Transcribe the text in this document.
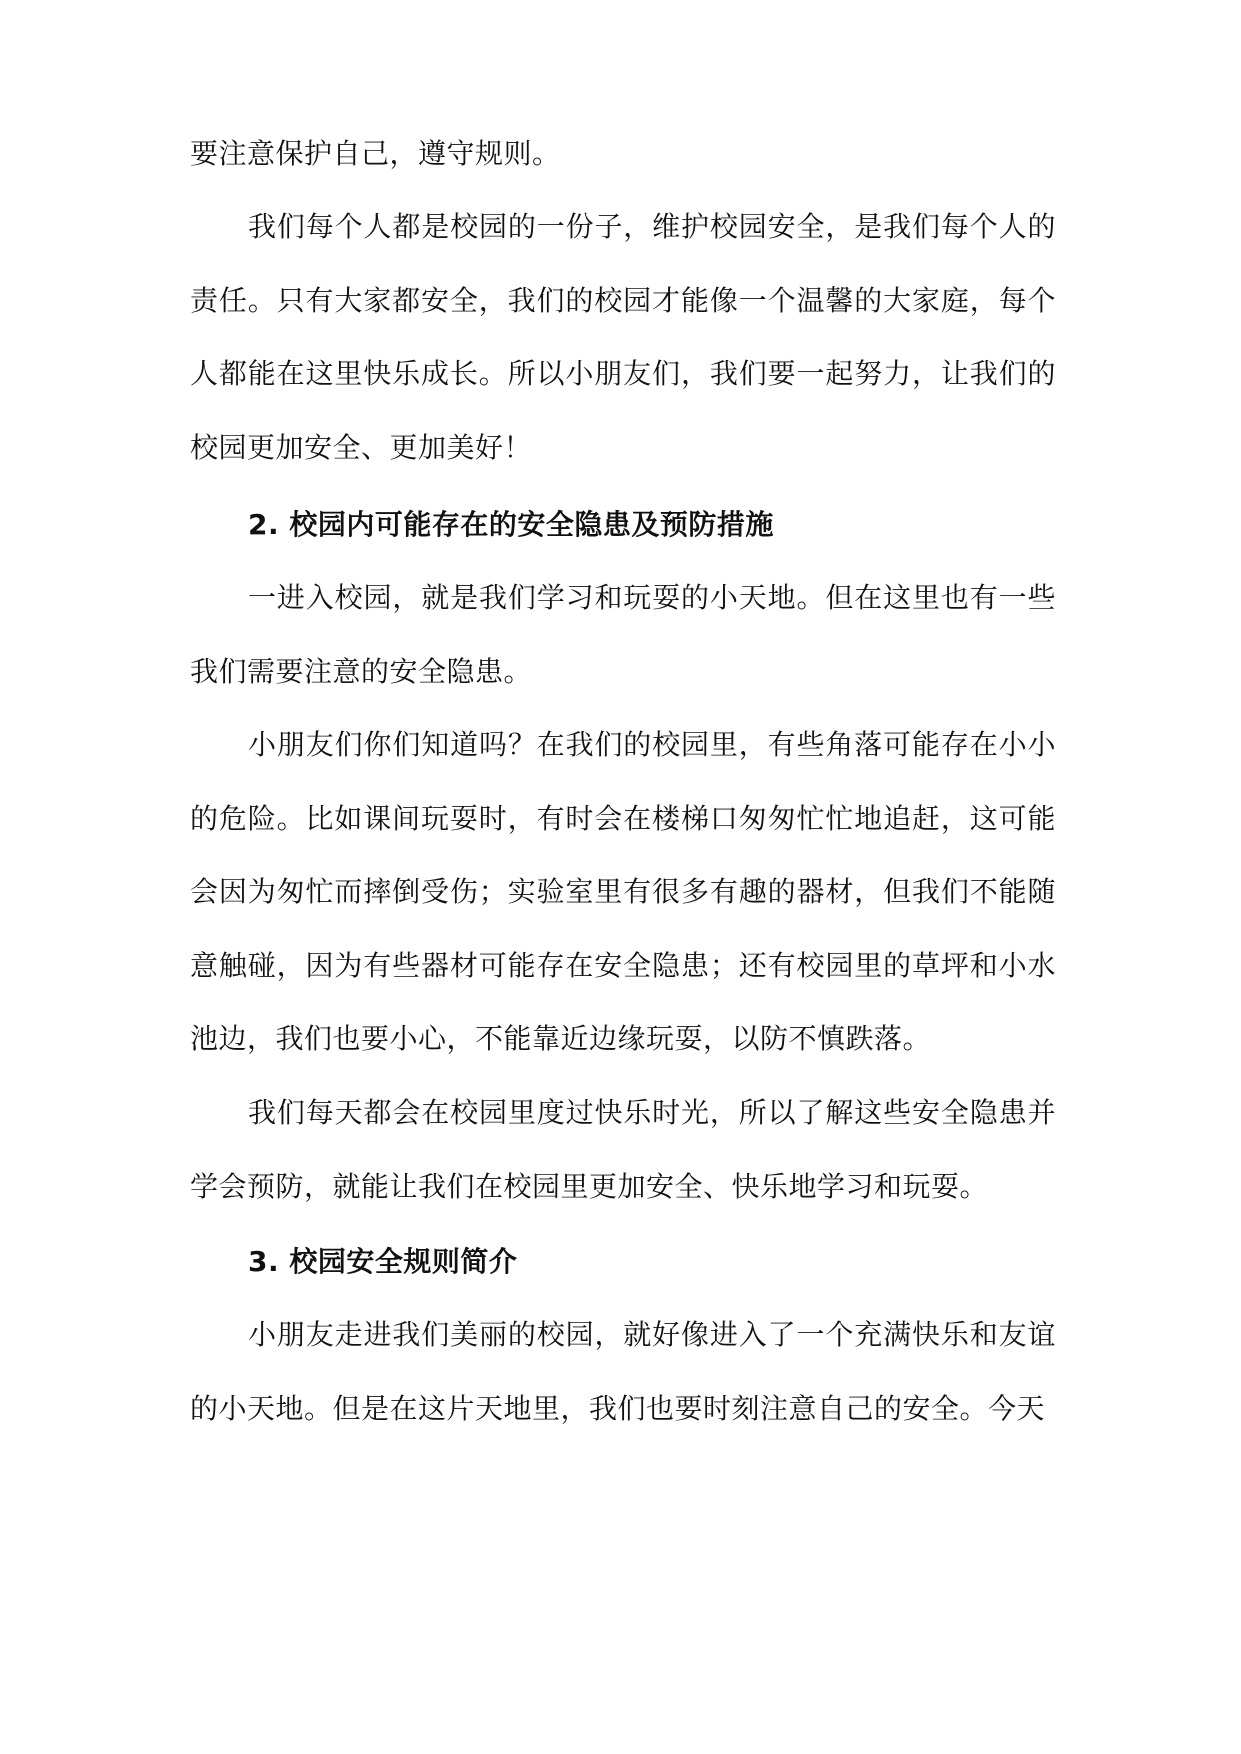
要注意保护自己，遵守规则。

我们每个人都是校园的一份子，维护校园安全，是我们每个人的责任。只有大家都安全，我们的校园才能像一个温馨的大家庭，每个人都能在这里快乐成长。所以小朋友们，我们要一起努力，让我们的校园更加安全、更加美好！

2. 校园内可能存在的安全隐患及预防措施

一进入校园，就是我们学习和玩耍的小天地。但在这里也有一些我们需要注意的安全隐患。

小朋友们你们知道吗？在我们的校园里，有些角落可能存在小小的危险。比如课间玩耍时，有时会在楼梯口匆匆忙忙地追赶，这可能会因为匆忙而摔倒受伤；实验室里有很多有趣的器材，但我们不能随意触碰，因为有些器材可能存在安全隐患；还有校园里的草坪和小水池边，我们也要小心，不能靠近边缘玩耍，以防不慎跌落。

我们每天都会在校园里度过快乐时光，所以了解这些安全隐患并学会预防，就能让我们在校园里更加安全、快乐地学习和玩耍。

3. 校园安全规则简介

小朋友走进我们美丽的校园，就好像进入了一个充满快乐和友谊的小天地。但是在这片天地里，我们也要时刻注意自己的安全。今天
